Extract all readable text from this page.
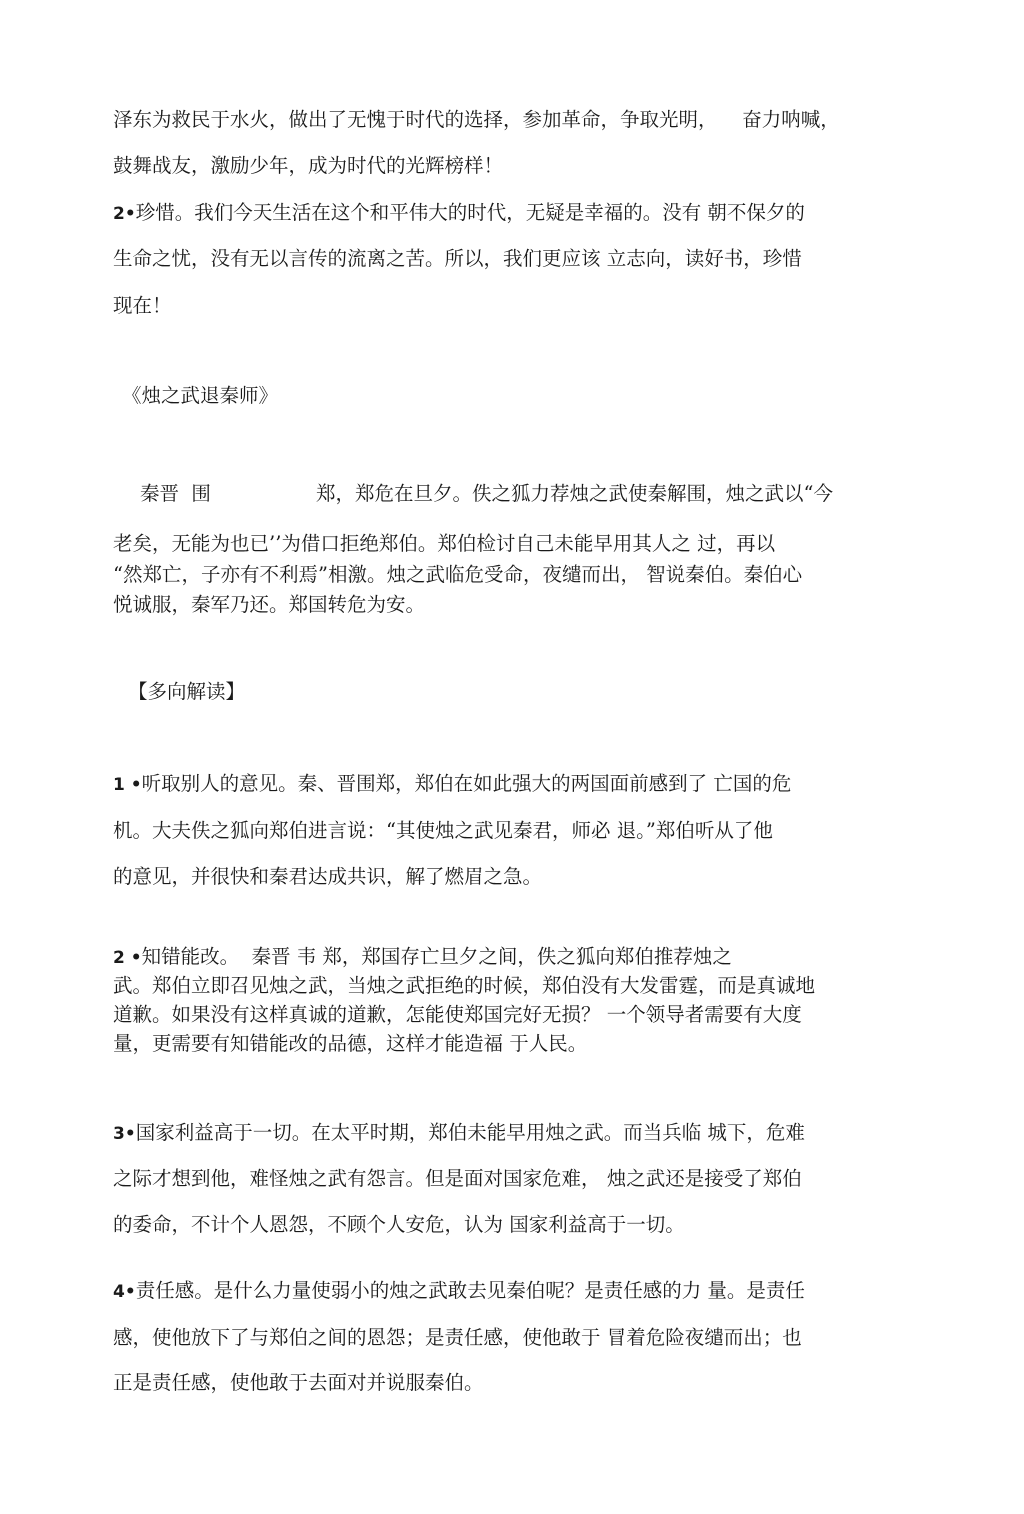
泽东为救民于水火，做出了无愧于时代的选择，参加革命，争取光明，    奋力呐喊，
鼓舞战友，激励少年，成为时代的光辉榜样！
2•珍惜。我们今天生活在这个和平伟大的时代，无疑是幸福的。没有 朝不保夕的
生命之忧，没有无以言传的流离之苦。所以，我们更应该 立志向，读好书，珍惜
现在！
《烛之武退秦师》
秦晋  围	郑，郑危在旦夕。佚之狐力荐烛之武使秦解围，烛之武以“今
老矣，无能为也已’’为借口拒绝郑伯。郑伯检讨自己未能早用其人之 过，再以
“然郑亡，子亦有不利焉”相激。烛之武临危受命，夜缱而出， 智说秦伯。秦伯心
悦诚服，秦军乃还。郑国转危为安。
【多向解读】
1 •听取别人的意见。秦、晋围郑，郑伯在如此强大的两国面前感到了 亡国的危
机。大夫佚之狐向郑伯进言说：“其使烛之武见秦君，师必 退。”郑伯听从了他
的意见，并很快和秦君达成共识，解了燃眉之急。
2 •知错能改。  秦晋 韦 郑，郑国存亡旦夕之间，佚之狐向郑伯推荐烛之
武。郑伯立即召见烛之武，当烛之武拒绝的时候，郑伯没有大发雷霆，而是真诚地
道歉。如果没有这样真诚的道歉，怎能使郑国完好无损？ 一个领导者需要有大度
量，更需要有知错能改的品德，这样才能造福 于人民。
3•国家利益高于一切。在太平时期，郑伯未能早用烛之武。而当兵临 城下，危难
之际才想到他，难怪烛之武有怨言。但是面对国家危难， 烛之武还是接受了郑伯
的委命，不计个人恩怨，不顾个人安危，认为 国家利益高于一切。
4•责任感。是什么力量使弱小的烛之武敢去见秦伯呢？是责任感的力 量。是责任
感，使他放下了与郑伯之间的恩怨；是责任感，使他敢于 冒着危险夜缱而出；也
正是责任感，使他敢于去面对并说服秦伯。
